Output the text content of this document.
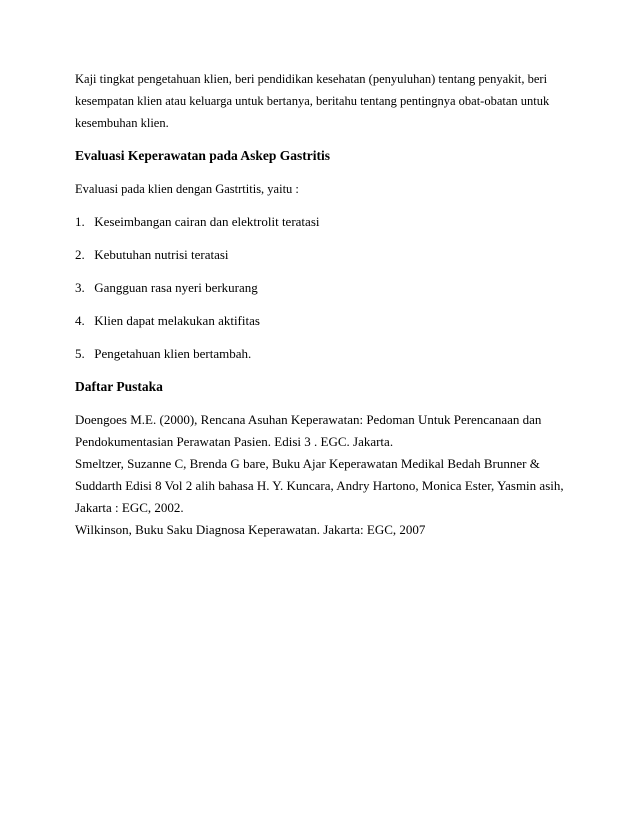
Kaji tingkat pengetahuan klien, beri pendidikan kesehatan (penyuluhan) tentang penyakit, beri kesempatan klien atau keluarga untuk bertanya, beritahu tentang pentingnya obat-obatan untuk kesembuhan klien.

Evaluasi Keperawatan pada Askep Gastritis

Evaluasi pada klien dengan Gastrtitis, yaitu :

1. Keseimbangan cairan dan elektrolit teratasi

2. Kebutuhan nutrisi teratasi

3. Gangguan rasa nyeri berkurang

4. Klien dapat melakukan aktifitas

5. Pengetahuan klien bertambah.

Daftar Pustaka

Doengoes M.E. (2000), Rencana Asuhan Keperawatan: Pedoman Untuk Perencanaan dan Pendokumentasian Perawatan Pasien. Edisi 3 . EGC. Jakarta.

Smeltzer, Suzanne C, Brenda G bare, Buku Ajar Keperawatan Medikal Bedah Brunner & Suddarth Edisi 8 Vol 2 alih bahasa H. Y. Kuncara, Andry Hartono, Monica Ester, Yasmin asih, Jakarta : EGC, 2002.

Wilkinson, Buku Saku Diagnosa Keperawatan. Jakarta: EGC, 2007
